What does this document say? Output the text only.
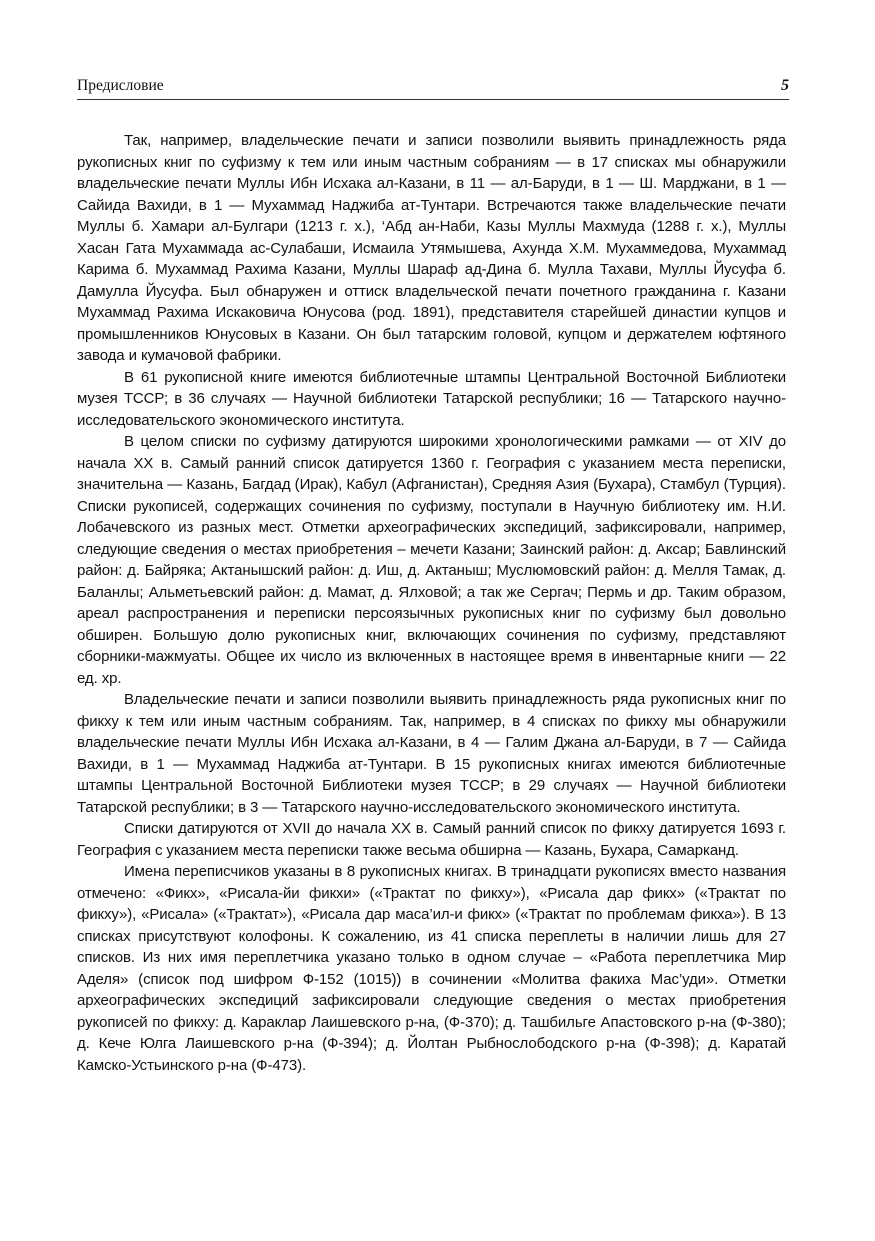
Предисловие	5

Так, например, владельческие печати и записи позволили выявить принадлежность ряда рукописных книг по суфизму к тем или иным частным собраниям — в 17 списках мы обнаружили владельческие печати Муллы Ибн Исхака ал-Казани, в 11 — ал-Баруди, в 1 — Ш. Марджани, в 1 — Сайида Вахиди, в 1 — Мухаммад Наджиба ат-Тунтари. Встречаются также владельческие печати Муллы б. Хамари ал-Булгари (1213 г. х.), ‘Абд ан-Наби, Казы Муллы Махмуда (1288 г. х.), Муллы Хасан Гата Мухаммада ас-Сулабаши, Исмаила Утямышева, Ахунда Х.М. Мухаммедова, Мухаммад Карима б. Мухаммад Рахима Казани, Муллы Шараф ад-Дина б. Мулла Тахави, Муллы Йусуфа б. Дамулла Йусуфа. Был обнаружен и оттиск владельческой печати почетного гражданина г. Казани Мухаммад Рахима Искаковича Юнусова (род. 1891), представителя старейшей династии купцов и промышленников Юнусовых в Казани. Он был татарским головой, купцом и держателем юфтяного завода и кумачовой фабрики.

В 61 рукописной книге имеются библиотечные штампы Центральной Восточной Библиотеки музея ТССР; в 36 случаях — Научной библиотеки Татарской республики; 16 — Татарского научно-исследовательского экономического института.

В целом списки по суфизму датируются широкими хронологическими рамками — от XIV до начала XX в. Самый ранний список датируется 1360 г. География с указанием места переписки, значительна — Казань, Багдад (Ирак), Кабул (Афганистан), Средняя Азия (Бухара), Стамбул (Турция). Списки рукописей, содержащих сочинения по суфизму, поступали в Научную библиотеку им. Н.И. Лобачевского из разных мест. Отметки археографических экспедиций, зафиксировали, например, следующие сведения о местах приобретения – мечети Казани; Заинский район: д. Аксар; Бавлинский район: д. Байряка; Актанышский район: д. Иш, д. Актаныш; Муслюмовский район: д. Мелля Тамак, д. Баланлы; Альметьевский район: д. Мамат, д. Ялховой; а так же Сергач; Пермь и др. Таким образом, ареал распространения и переписки персоязычных рукописных книг по суфизму был довольно обширен. Большую долю рукописных книг, включающих сочинения по суфизму, представляют сборники-мажмуаты. Общее их число из включенных в настоящее время в инвентарные книги — 22 ед. хр.

Владельческие печати и записи позволили выявить принадлежность ряда рукописных книг по фикху к тем или иным частным собраниям. Так, например, в 4 списках по фикху мы обнаружили владельческие печати Муллы Ибн Исхака ал-Казани, в 4 — Галим Джана ал-Баруди, в 7 — Сайида Вахиди, в 1 — Мухаммад Наджиба ат-Тунтари. В 15 рукописных книгах имеются библиотечные штампы Центральной Восточной Библиотеки музея ТССР; в 29 случаях — Научной библиотеки Татарской республики; в 3 — Татарского научно-исследовательского экономического института.

Списки датируются от XVII до начала XX в. Самый ранний список по фикху датируется 1693 г. География с указанием места переписки также весьма обширна — Казань, Бухара, Самарканд.

Имена переписчиков указаны в 8 рукописных книгах. В тринадцати рукописях вместо названия отмечено: «Фикх», «Рисала-йи фикхи» («Трактат по фикху»), «Рисала дар фикх» («Трактат по фикху»), «Рисала» («Трактат»), «Рисала дар маса’ил-и фикх» («Трактат по проблемам фикха»). В 13 списках присутствуют колофоны. К сожалению, из 41 списка переплеты в наличии лишь для 27 списков. Из них имя переплетчика указано только в одном случае – «Работа переплетчика Мир Аделя» (список под шифром Ф-152 (1015)) в сочинении «Молитва факиха Мас’уди». Отметки археографических экспедиций зафиксировали следующие сведения о местах приобретения рукописей по фикху: д. Караклар Лаишевского р-на, (Ф-370); д. Ташбильге Апастовского р-на (Ф-380); д. Кече Юлга Лаишевского р-на (Ф-394); д. Йолтан Рыбнослободского р-на (Ф-398); д. Каратай Камско-Устьинского р-на (Ф-473).
